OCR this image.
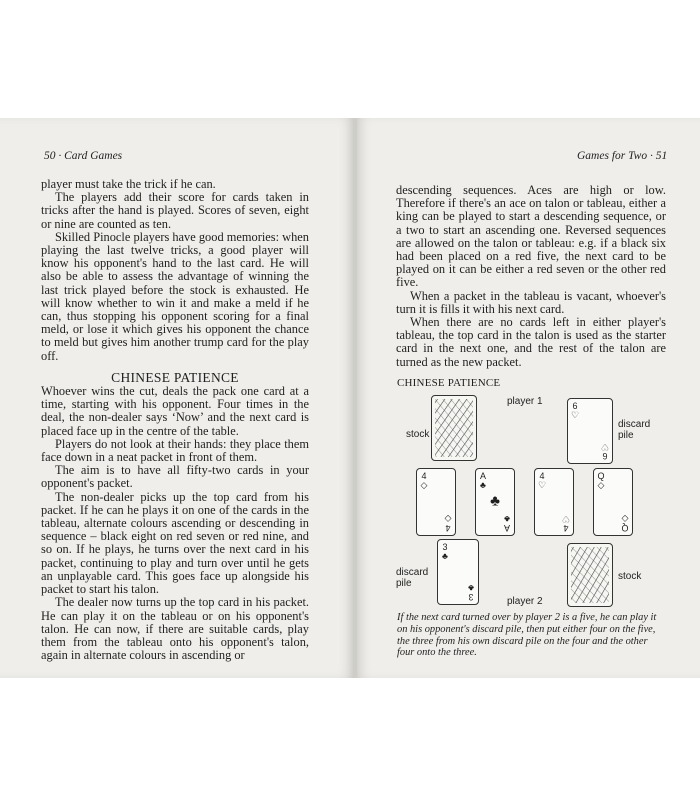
50 · Card Games

player must take the trick if he can.

The players add their score for cards taken in tricks after the hand is played. Scores of seven, eight or nine are counted as ten.

Skilled Pinocle players have good memories: when playing the last twelve tricks, a good player will know his opponent's hand to the last card. He will also be able to assess the advantage of winning the last trick played before the stock is exhausted. He will know whether to win it and make a meld if he can, thus stopping his opponent scoring for a final meld, or lose it which gives his opponent the chance to meld but gives him another trump card for the play off.

CHINESE PATIENCE

Whoever wins the cut, deals the pack one card at a time, starting with his opponent. Four times in the deal, the non-dealer says ‘Now’ and the next card is placed face up in the centre of the table.

Players do not look at their hands: they place them face down in a neat packet in front of them.

The aim is to have all fifty-two cards in your opponent's packet.

The non-dealer picks up the top card from his packet. If he can he plays it on one of the cards in the tableau, alternate colours ascending or descending in sequence – black eight on red seven or red nine, and so on. If he plays, he turns over the next card in his packet, continuing to play and turn over until he gets an unplayable card. This goes face up alongside his packet to start his talon.

The dealer now turns up the top card in his packet. He can play it on the tableau or on his opponent's talon. He can now, if there are suitable cards, play them from the tableau onto his opponent's talon, again in alternate colours in ascending or

Games for Two · 51

descending sequences. Aces are high or low. Therefore if there's an ace on talon or tableau, either a king can be played to start a descending sequence, or a two to start an ascending one. Reversed sequences are allowed on the talon or tableau: e.g. if a black six had been placed on a red five, the next card to be played on it can be either a red seven or the other red five.

When a packet in the tableau is vacant, whoever's turn it is fills it with his next card.

When there are no cards left in either player's tableau, the top card in the talon is used as the starter card in the next one, and the rest of the talon are turned as the new packet.

CHINESE PATIENCE
player 1
stock
6
♡
6
♡
discard pile
4
◇
4
◇
A
♣
♣
A
♣
4
♡
4
♡
Q
◇
Q
◇
3
♣
3
♣
discard pile
stock
player 2
If the next card turned over by player 2 is a five, he can play it on his opponent's discard pile, then put either four on the five, the three from his own discard pile on the four and the other four onto the three.
